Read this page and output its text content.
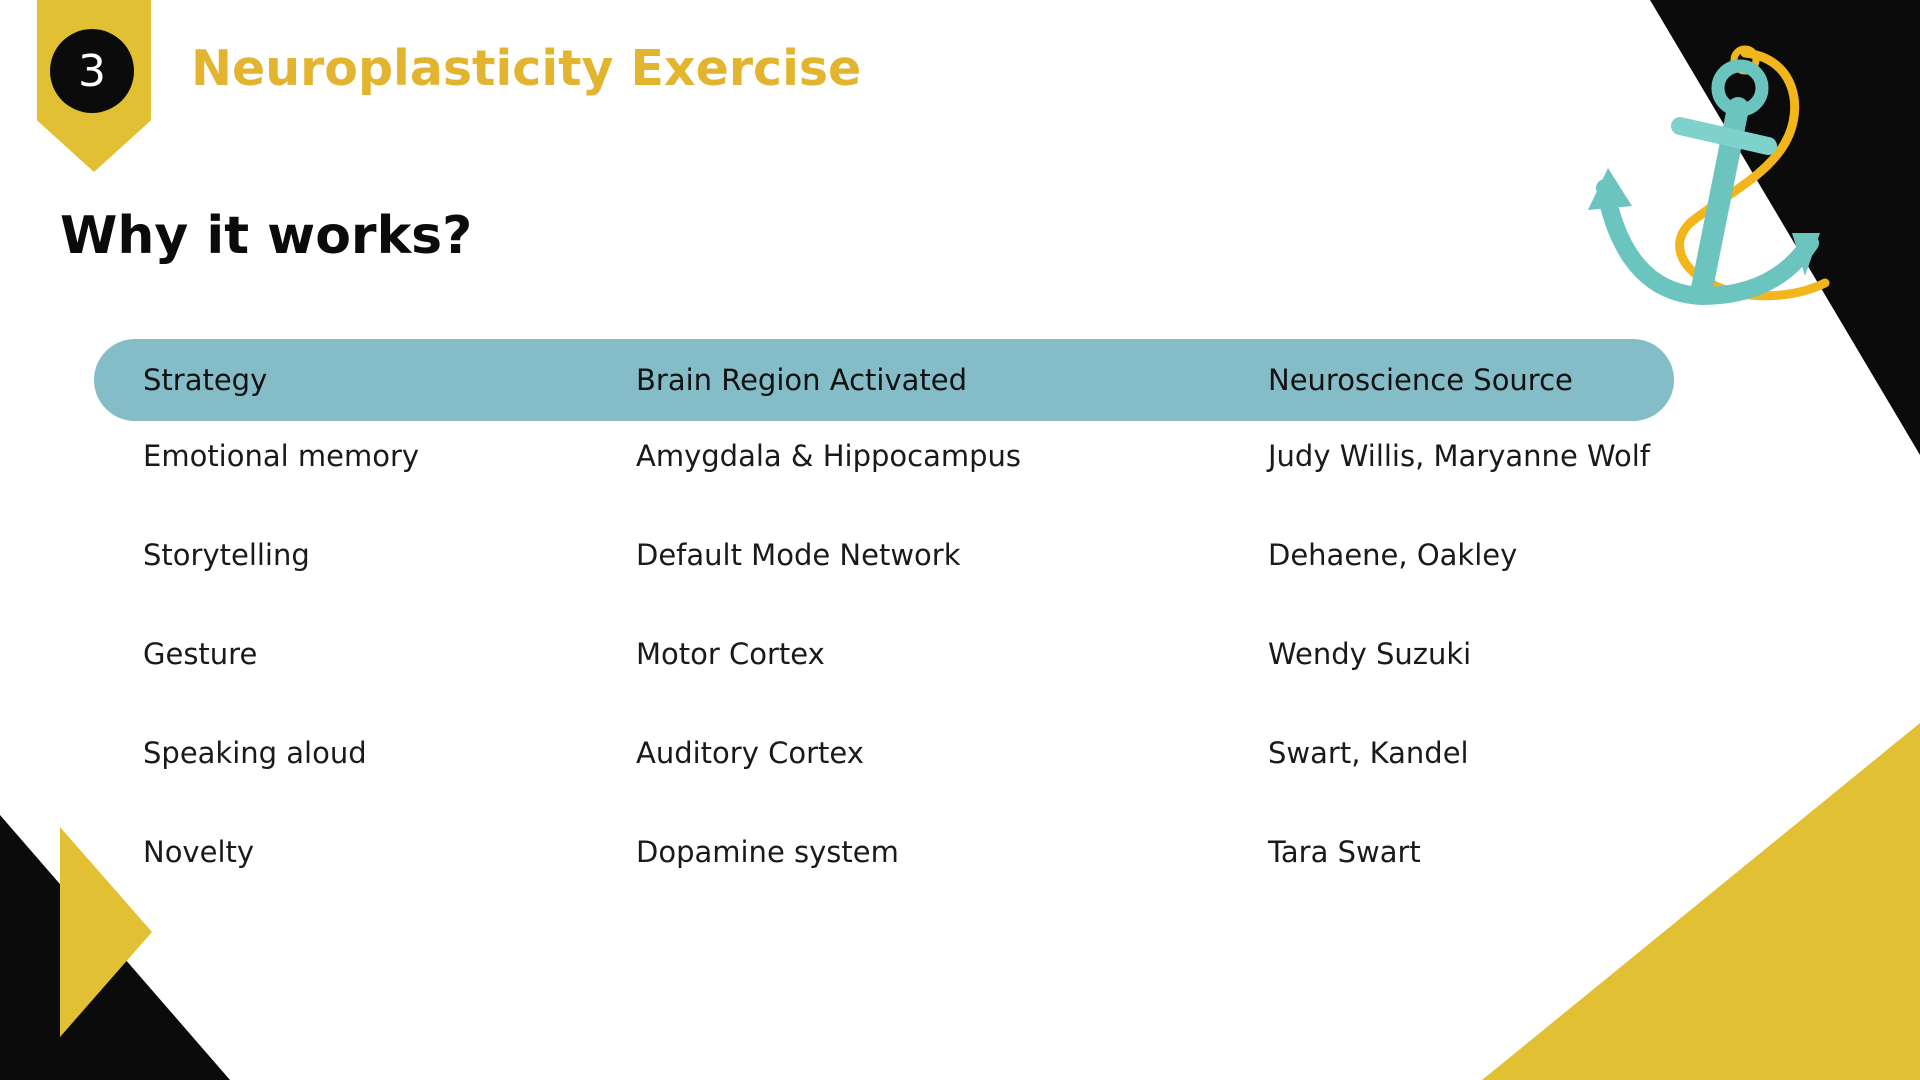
3	Neuroplasticity Exercise
Why it works?
Strategy	Brain Region Activated	Neuroscience Source
Emotional memory	Amygdala & Hippocampus	Judy Willis, Maryanne Wolf
Storytelling	Default Mode Network	Dehaene, Oakley
Gesture	Motor Cortex	Wendy Suzuki
Speaking aloud	Auditory Cortex	Swart, Kandel
Novelty	Dopamine system	Tara Swart
